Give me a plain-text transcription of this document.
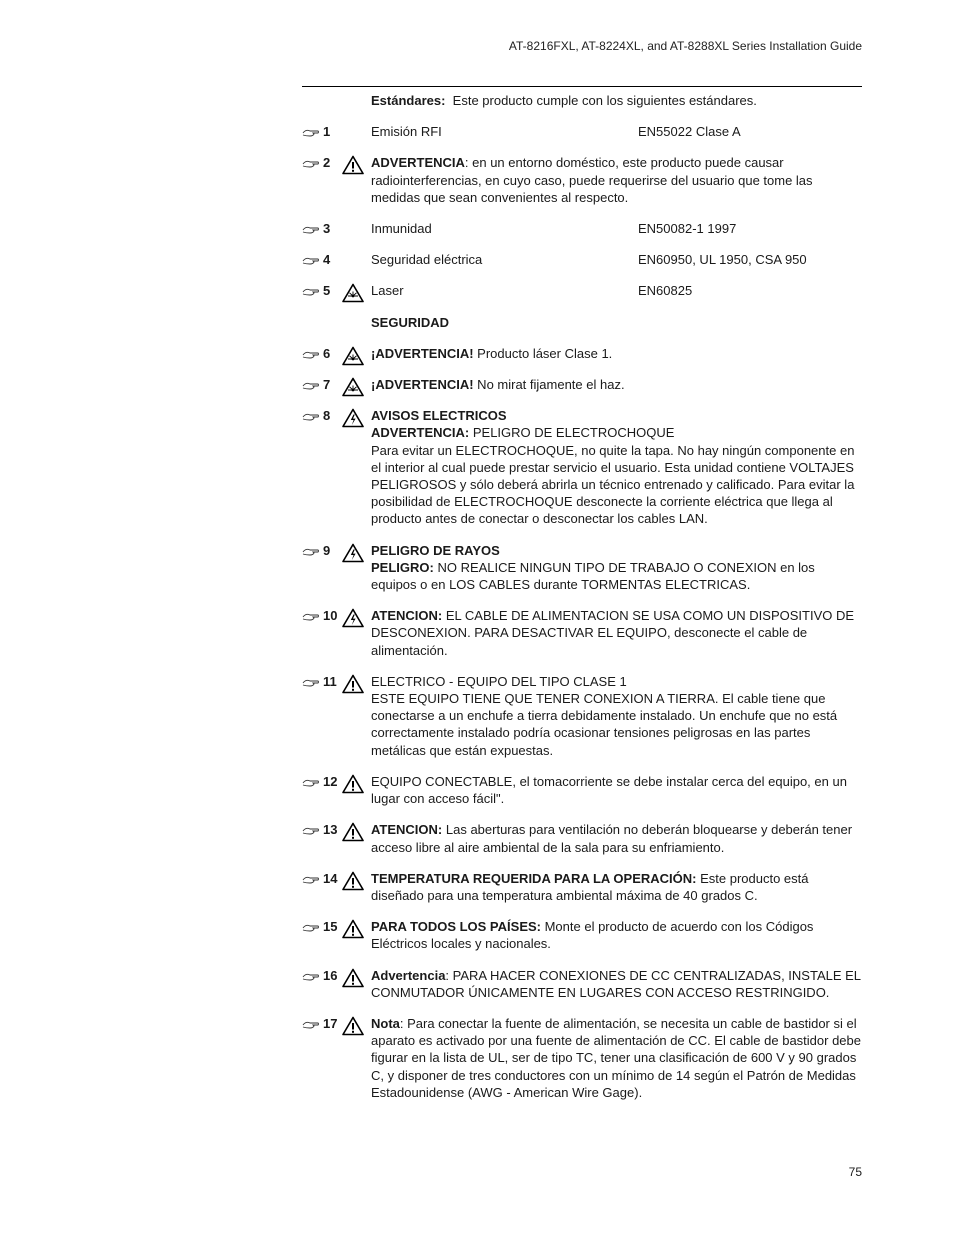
AT-8216FXL, AT-8224XL, and AT-8288XL Series Installation Guide
Estándares: Este producto cumple con los siguientes estándares.
1	Emisión RFI	EN55022 Clase A
2	ADVERTENCIA: en un entorno doméstico, este producto puede causar radiointerferencias, en cuyo caso, puede requerirse del usuario que tome las medidas que sean convenientes al respecto.
3	Inmunidad	EN50082-1 1997
4	Seguridad eléctrica	EN60950, UL 1950, CSA 950
5	Laser	EN60825
SEGURIDAD
6	¡ADVERTENCIA! Producto láser Clase 1.
7	¡ADVERTENCIA! No mirat fijamente el haz.
8	AVISOS ELECTRICOS
ADVERTENCIA: PELIGRO DE ELECTROCHOQUE
Para evitar un ELECTROCHOQUE, no quite la tapa. No hay ningún componente en el interior al cual puede prestar servicio el usuario. Esta unidad contiene VOLTAJES PELIGROSOS y sólo deberá abrirla un técnico entrenado y calificado. Para evitar la posibilidad de ELECTROCHOQUE desconecte la corriente eléctrica que llega al producto antes de conectar o desconectar los cables LAN.
9	PELIGRO DE RAYOS
PELIGRO: NO REALICE NINGUN TIPO DE TRABAJO O CONEXION en los equipos o en LOS CABLES durante TORMENTAS ELECTRICAS.
10	ATENCION: EL CABLE DE ALIMENTACION SE USA COMO UN DISPOSITIVO DE DESCONEXION. PARA DESACTIVAR EL EQUIPO, desconecte el cable de alimentación.
11	ELECTRICO - EQUIPO DEL TIPO CLASE 1
ESTE EQUIPO TIENE QUE TENER CONEXION A TIERRA. El cable tiene que conectarse a un enchufe a tierra debidamente instalado. Un enchufe que no está correctamente instalado podría ocasionar tensiones peligrosas en las partes metálicas que están expuestas.
12	EQUIPO CONECTABLE, el tomacorriente se debe instalar cerca del equipo, en un lugar con acceso fácil".
13	ATENCION: Las aberturas para ventilación no deberán bloquearse y deberán tener acceso libre al aire ambiental de la sala para su enfriamiento.
14	TEMPERATURA REQUERIDA PARA LA OPERACIÓN: Este producto está diseñado para una temperatura ambiental máxima de 40 grados C.
15	PARA TODOS LOS PAÍSES: Monte el producto de acuerdo con los Códigos Eléctricos locales y nacionales.
16	Advertencia: PARA HACER CONEXIONES DE CC CENTRALIZADAS, INSTALE EL CONMUTADOR ÚNICAMENTE EN LUGARES CON ACCESO RESTRINGIDO.
17	Nota: Para conectar la fuente de alimentación, se necesita un cable de bastidor si el aparato es activado por una fuente de alimentación de CC. El cable de bastidor debe figurar en la lista de UL, ser de tipo TC, tener una clasificación de 600 V y 90 grados C, y disponer de tres conductores con un mínimo de 14 según el Patrón de Medidas Estadounidense (AWG - American Wire Gage).
75
